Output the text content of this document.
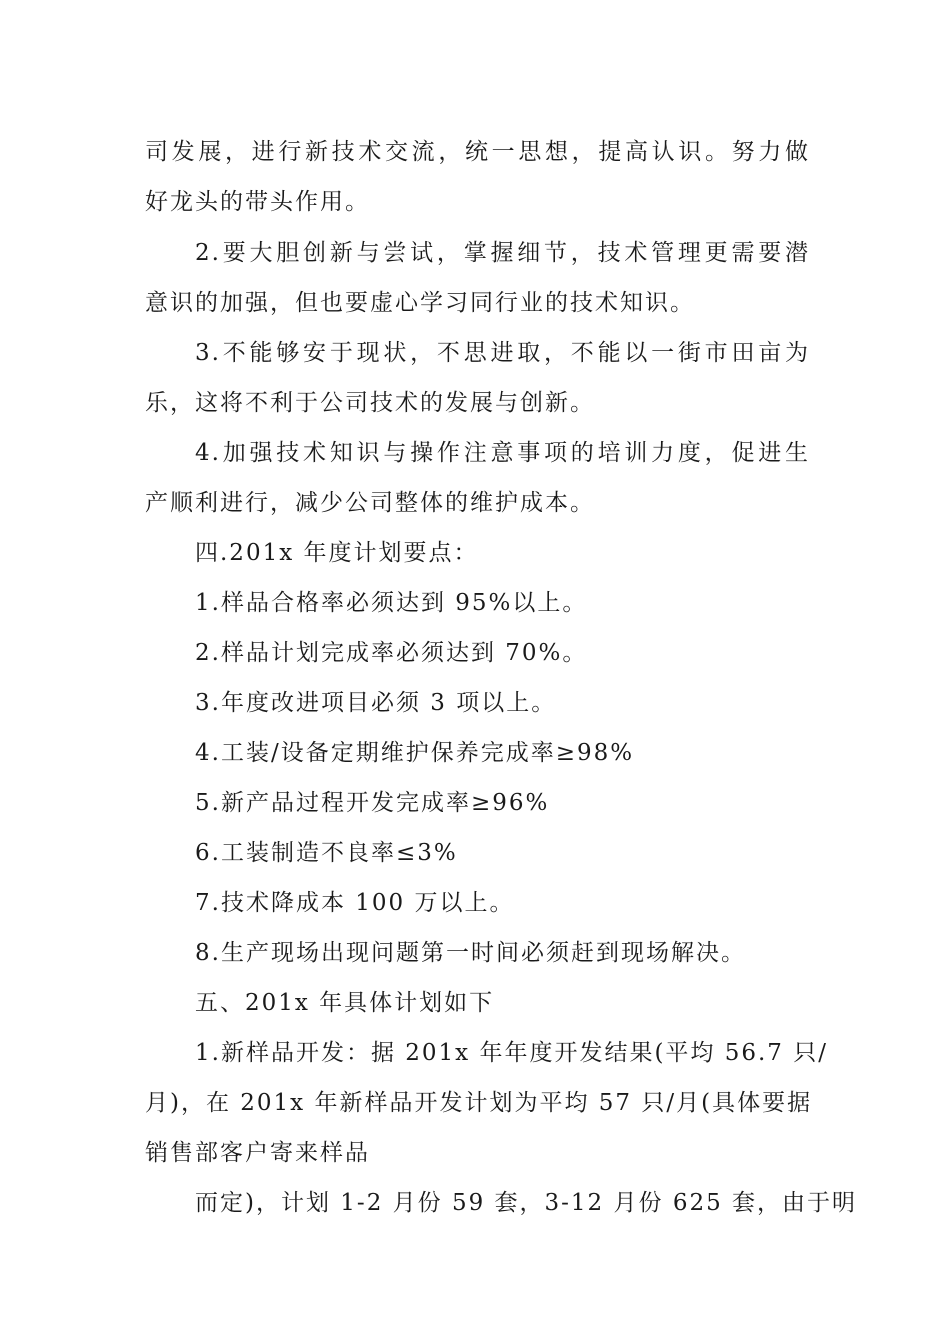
司发展，进行新技术交流，统一思想，提高认识。努力做
好龙头的带头作用。
2.要大胆创新与尝试，掌握细节，技术管理更需要潜
意识的加强，但也要虚心学习同行业的技术知识。
3.不能够安于现状，不思进取，不能以一街市田亩为
乐，这将不利于公司技术的发展与创新。
4.加强技术知识与操作注意事项的培训力度，促进生
产顺利进行，减少公司整体的维护成本。
四.201x 年度计划要点：
1.样品合格率必须达到 95%以上。
2.样品计划完成率必须达到 70%。
3.年度改进项目必须 3 项以上。
4.工装/设备定期维护保养完成率≥98%
5.新产品过程开发完成率≥96%
6.工装制造不良率≤3%
7.技术降成本 100 万以上。
8.生产现场出现问题第一时间必须赶到现场解决。
五、201x 年具体计划如下
1.新样品开发：据 201x 年年度开发结果(平均 56.7 只/
月)，在 201x 年新样品开发计划为平均 57 只/月(具体要据
销售部客户寄来样品
而定)，计划 1-2 月份 59 套，3-12 月份 625 套，由于明
